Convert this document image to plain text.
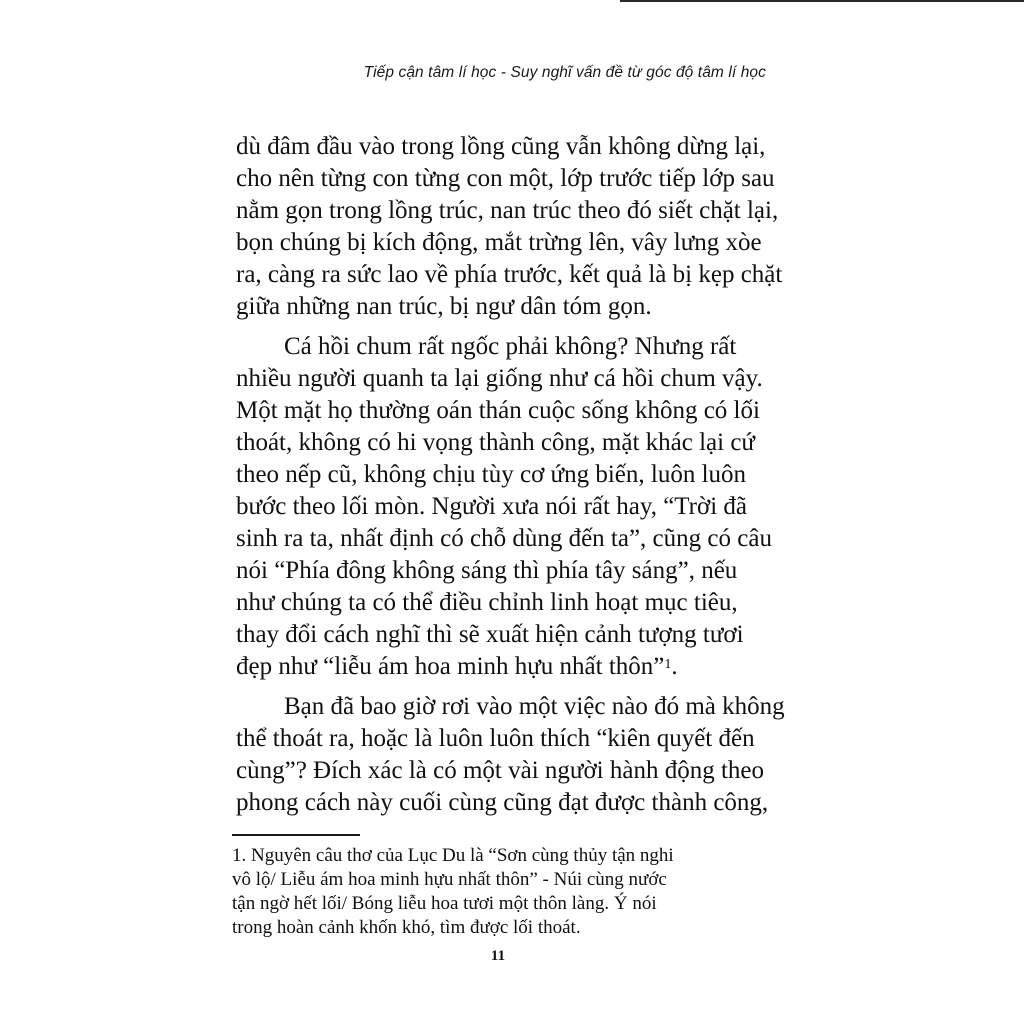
Tiếp cận tâm lí học - Suy nghĩ vấn đề từ góc độ tâm lí học
dù đâm đầu vào trong lồng cũng vẫn không dừng lại,
cho nên từng con từng con một, lớp trước tiếp lớp sau
nằm gọn trong lồng trúc, nan trúc theo đó siết chặt lại,
bọn chúng bị kích động, mắt trừng lên, vây lưng xòe
ra, càng ra sức lao về phía trước, kết quả là bị kẹp chặt
giữa những nan trúc, bị ngư dân tóm gọn.
Cá hồi chum rất ngốc phải không? Nhưng rất
nhiều người quanh ta lại giống như cá hồi chum vậy.
Một mặt họ thường oán thán cuộc sống không có lối
thoát, không có hi vọng thành công, mặt khác lại cứ
theo nếp cũ, không chịu tùy cơ ứng biến, luôn luôn
bước theo lối mòn. Người xưa nói rất hay, “Trời đã
sinh ra ta, nhất định có chỗ dùng đến ta”, cũng có câu
nói “Phía đông không sáng thì phía tây sáng”, nếu
như chúng ta có thể điều chỉnh linh hoạt mục tiêu,
thay đổi cách nghĩ thì sẽ xuất hiện cảnh tượng tươi
đẹp như “liễu ám hoa minh hựu nhất thôn”$^1$.
Bạn đã bao giờ rơi vào một việc nào đó mà không
thể thoát ra, hoặc là luôn luôn thích “kiên quyết đến
cùng”? Đích xác là có một vài người hành động theo
phong cách này cuối cùng cũng đạt được thành công,
1. Nguyên câu thơ của Lục Du là “Sơn cùng thủy tận nghi
vô lộ/ Liễu ám hoa minh hựu nhất thôn” - Núi cùng nước
tận ngờ hết lối/ Bóng liễu hoa tươi một thôn làng. Ý nói
trong hoàn cảnh khốn khó, tìm được lối thoát.
11
